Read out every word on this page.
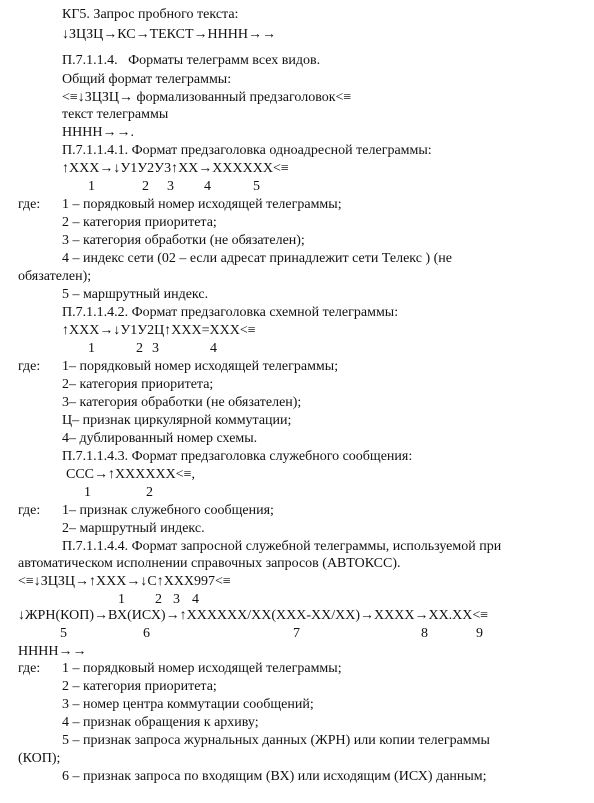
КГ5. Запрос пробного текста:
↓ЗЦЗЦ→КС→ТЕКСТ→НННН→→
П.7.1.1.4.   Форматы телеграмм всех видов.
Общий формат телеграммы:
<≡↓ЗЦЗЦ→ формализованный предзаголовок<≡
текст телеграммы
НННН→→.
П.7.1.1.4.1. Формат предзаголовка одноадресной телеграммы:
↑ХХХ→↓У1У2У3↑ХХ→ХХХХХХ<≡
1	2 3 4	5
где: 1 – порядковый номер исходящей телеграммы;
2 – категория приоритета;
3 – категория обработки (не обязателен);
4 – индекс сети (02 – если адресат принадлежит сети Телекс ) (не
обязателен);
5 – маршрутный индекс.
П.7.1.1.4.2. Формат предзаголовка схемной телеграммы:
↑ХХХ→↓У1У2Ц↑ХХХ=ХХХ<≡
1	2 3	4
где: 1– порядковый номер исходящей телеграммы;
2– категория приоритета;
3– категория обработки (не обязателен);
Ц– признак циркулярной коммутации;
4– дублированный номер схемы.
П.7.1.1.4.3. Формат предзаголовка служебного сообщения:
ССС→↑ХХХХХХ<≡,
1	2
где: 1– признак служебного сообщения;
2– маршрутный индекс.
П.7.1.1.4.4. Формат запросной служебной телеграммы, используемой при
автоматическом исполнении справочных запросов (АВТОКСС).
<≡↓ЗЦЗЦ→↑ХХХ→↓С↑ХХХ997<≡
1 2 3 4
↓ЖРН(КОП)→ВХ(ИСХ)→↑ХХХХХХ/ХХ(ХХХ-ХХ/ХХ)→ХХХХ→ХХ.ХХ<≡
5	6	7	8	9
НННН→→
где: 1 – порядковый номер исходящей телеграммы;
2 – категория приоритета;
3 – номер центра коммутации сообщений;
4 – признак обращения к архиву;
5 – признак запроса журнальных данных (ЖРН) или копии телеграммы
(КОП);
6 – признак запроса по входящим (ВХ) или исходящим (ИСХ) данным;
